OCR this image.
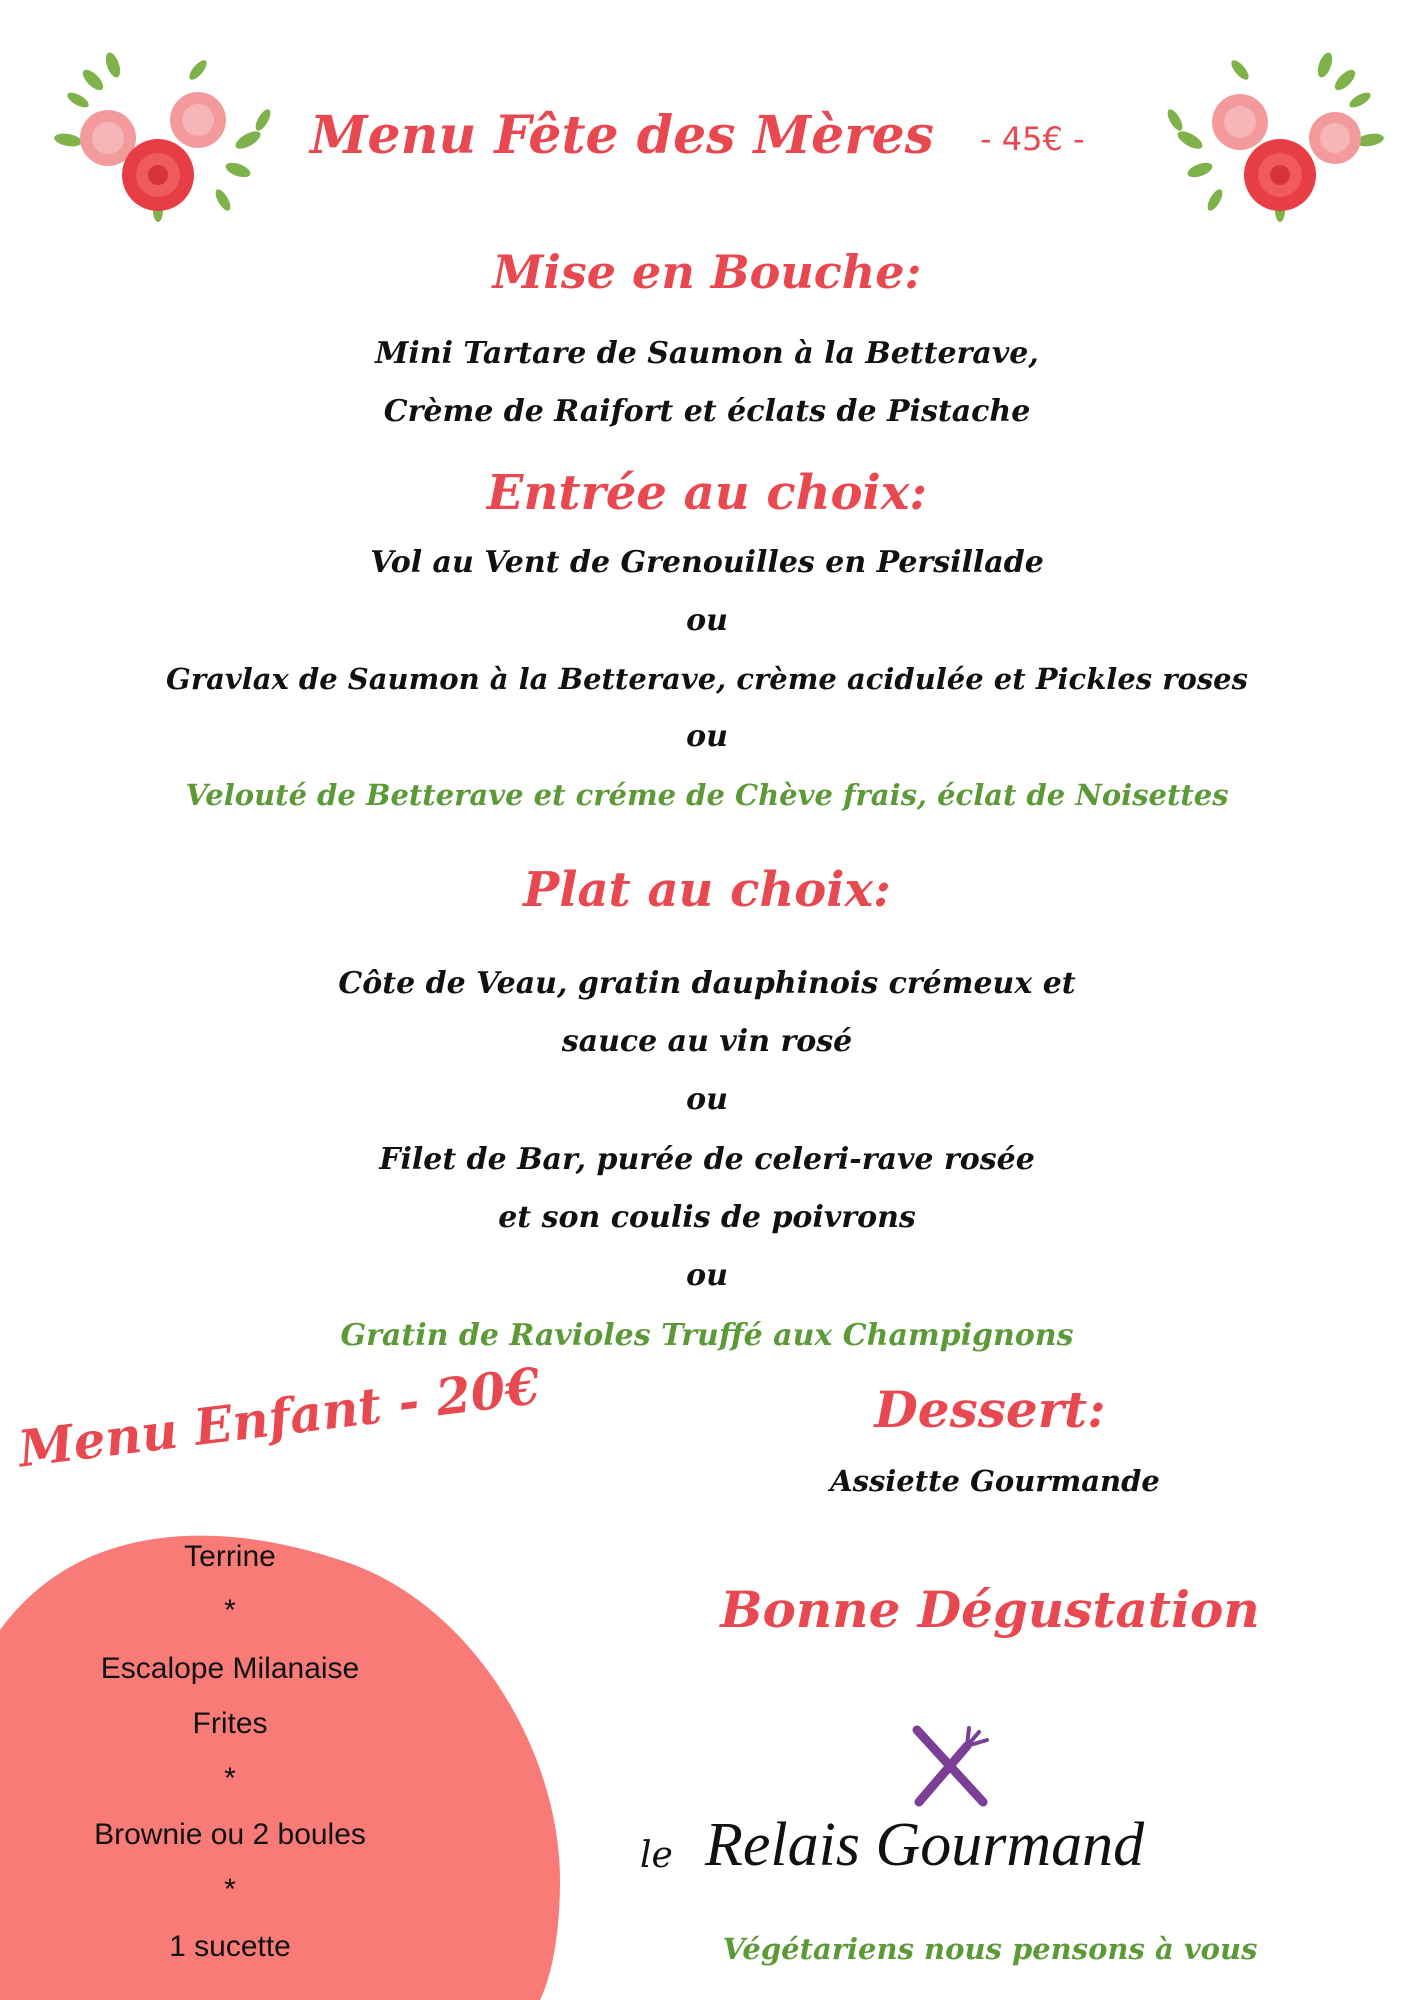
Menu Fête des Mères - 45€ -
Mise en Bouche:
Mini Tartare de Saumon à la Betterave,
Crème de Raifort et éclats de Pistache
Entrée au choix:
Vol au Vent de Grenouilles en Persillade
ou
Gravlax de Saumon à la Betterave, crème acidulée et Pickles roses
ou
Velouté de Betterave et créme de Chève frais, éclat de Noisettes
Plat au choix:
Côte de Veau, gratin dauphinois crémeux et
sauce au vin rosé
ou
Filet de Bar, purée de celeri-rave rosée
et son coulis de poivrons
ou
Gratin de Ravioles Truffé aux Champignons
Dessert:
Assiette Gourmande
Menu Enfant - 20€
Terrine
*
Escalope Milanaise
Frites
*
Brownie ou 2 boules
*
1 sucette
Bonne Dégustation
le Relais Gourmand
Végétariens nous pensons à vous
